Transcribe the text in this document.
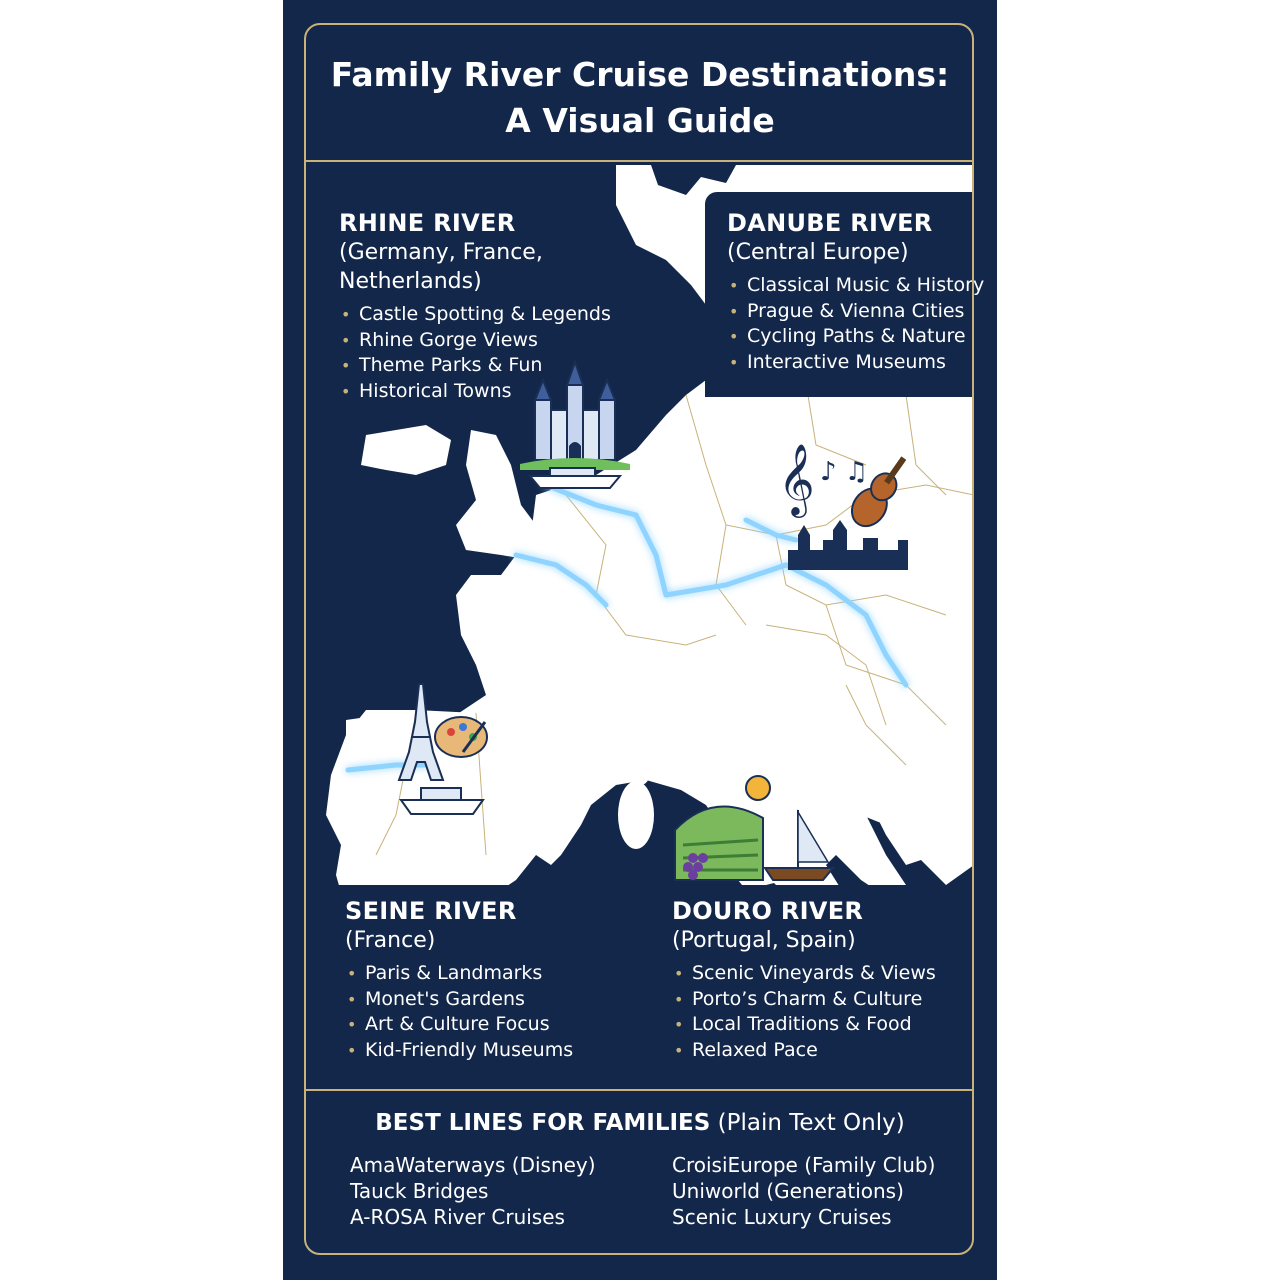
Family River Cruise Destinations:
A Visual Guide
RHINE RIVER
(Germany, France,
Netherlands)
• Castle Spotting & Legends
• Rhine Gorge Views
• Theme Parks & Fun
• Historical Towns
DANUBE RIVER
(Central Europe)
• Classical Music & History
• Prague & Vienna Cities
• Cycling Paths & Nature
• Interactive Museums
SEINE RIVER
(France)
• Paris & Landmarks
• Monet's Gardens
• Art & Culture Focus
• Kid-Friendly Museums
DOURO RIVER
(Portugal, Spain)
• Scenic Vineyards & Views
• Porto’s Charm & Culture
• Local Traditions & Food
• Relaxed Pace
𝄞 ♪ ♫
BEST LINES FOR FAMILIES (Plain Text Only)
AmaWaterways (Disney)
Tauck Bridges
A-ROSA River Cruises
CroisiEurope (Family Club)
Uniworld (Generations)
Scenic Luxury Cruises
